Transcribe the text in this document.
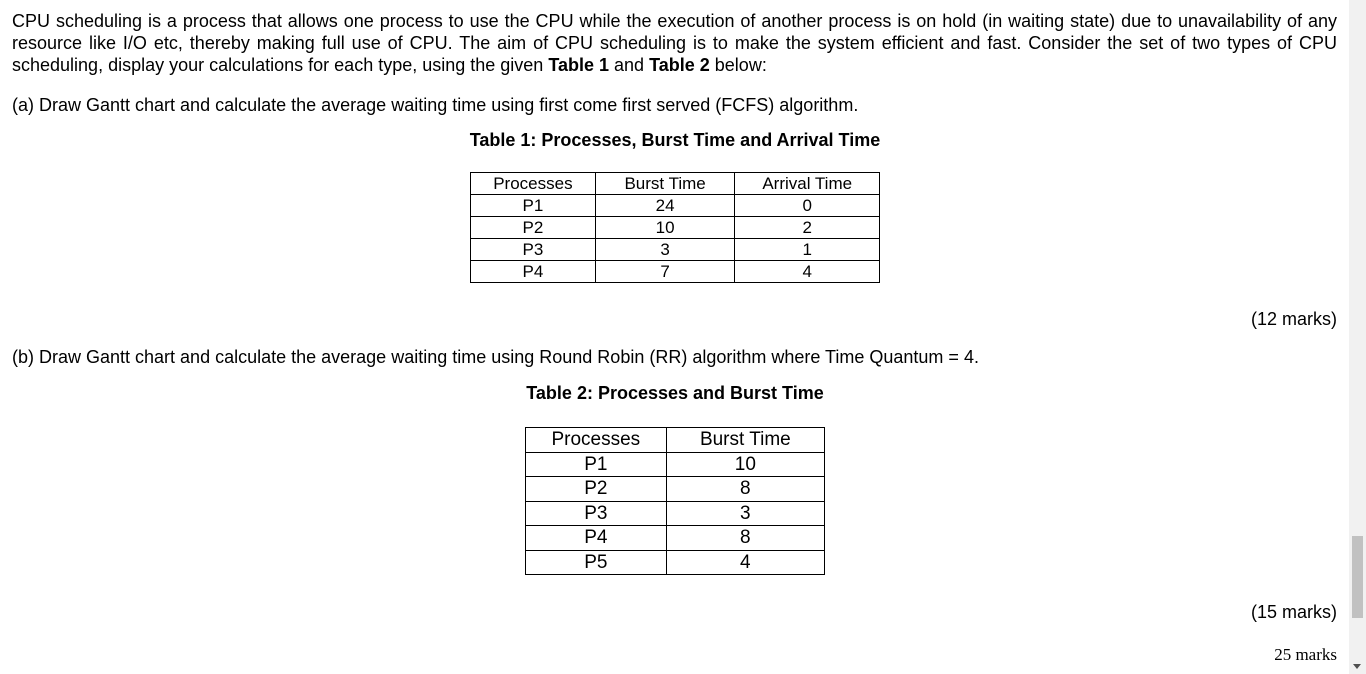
CPU scheduling is a process that allows one process to use the CPU while the execution of another process is on hold (in waiting state) due to unavailability of any resource like I/O etc, thereby making full use of CPU. The aim of CPU scheduling is to make the system efficient and fast. Consider the set of two types of CPU scheduling, display your calculations for each type, using the given Table 1 and Table 2 below:

(a) Draw Gantt chart and calculate the average waiting time using first come first served (FCFS) algorithm.

Table 1: Processes, Burst Time and Arrival Time

Processes	Burst Time	Arrival Time
P1	24	0
P2	10	2
P3	3	1
P4	7	4
(12 marks)

(b) Draw Gantt chart and calculate the average waiting time using Round Robin (RR) algorithm where Time Quantum = 4.

Table 2: Processes and Burst Time

Processes	Burst Time
P1	10
P2	8
P3	3
P4	8
P5	4
(15 marks)
25 marks
